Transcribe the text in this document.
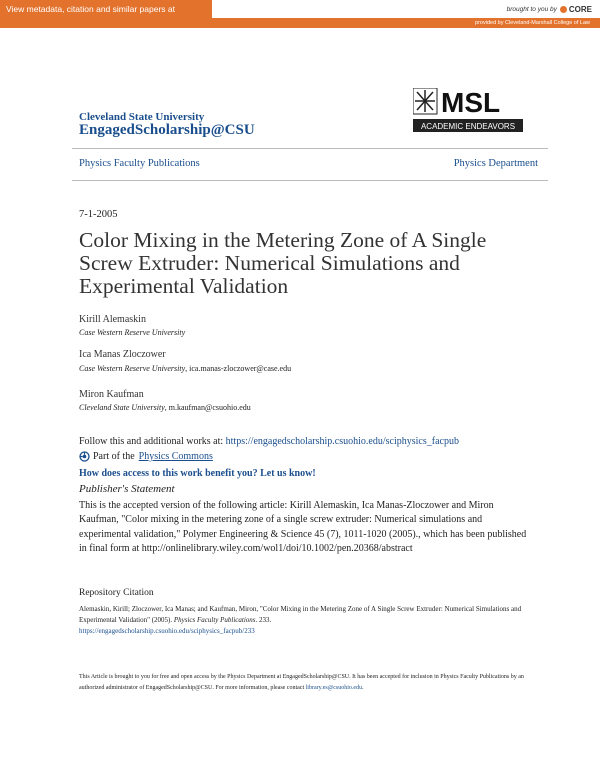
View metadata, citation and similar papers at	brought to you by CORE
provided by Cleveland-Marshall College of Law
Cleveland State University
EngagedScholarship@CSU
MSL
ACADEMIC ENDEAVORS
Physics Faculty Publications	Physics Department
7-1-2005
Color Mixing in the Metering Zone of A Single Screw Extruder: Numerical Simulations and Experimental Validation
Kirill Alemaskin
Case Western Reserve University
Ica Manas Zloczower
Case Western Reserve University, ica.manas-zloczower@case.edu
Miron Kaufman
Cleveland State University, m.kaufman@csuohio.edu
Follow this and additional works at: https://engagedscholarship.csuohio.edu/sciphysics_facpub
Part of the Physics Commons
How does access to this work benefit you? Let us know!
Publisher's Statement
This is the accepted version of the following article: Kirill Alemaskin, Ica Manas-Zloczower and Miron Kaufman, "Color mixing in the metering zone of a single screw extruder: Numerical simulations and experimental validation," Polymer Engineering & Science 45 (7), 1011-1020 (2005)., which has been published in final form at http://onlinelibrary.wiley.com/wol1/doi/10.1002/pen.20368/abstract
Repository Citation
Alemaskin, Kirill; Zloczower, Ica Manas; and Kaufman, Miron, "Color Mixing in the Metering Zone of A Single Screw Extruder: Numerical Simulations and Experimental Validation" (2005). Physics Faculty Publications. 233.
https://engagedscholarship.csuohio.edu/sciphysics_facpub/233
This Article is brought to you for free and open access by the Physics Department at EngagedScholarship@CSU. It has been accepted for inclusion in Physics Faculty Publications by an authorized administrator of EngagedScholarship@CSU. For more information, please contact library.es@csuohio.edu.
